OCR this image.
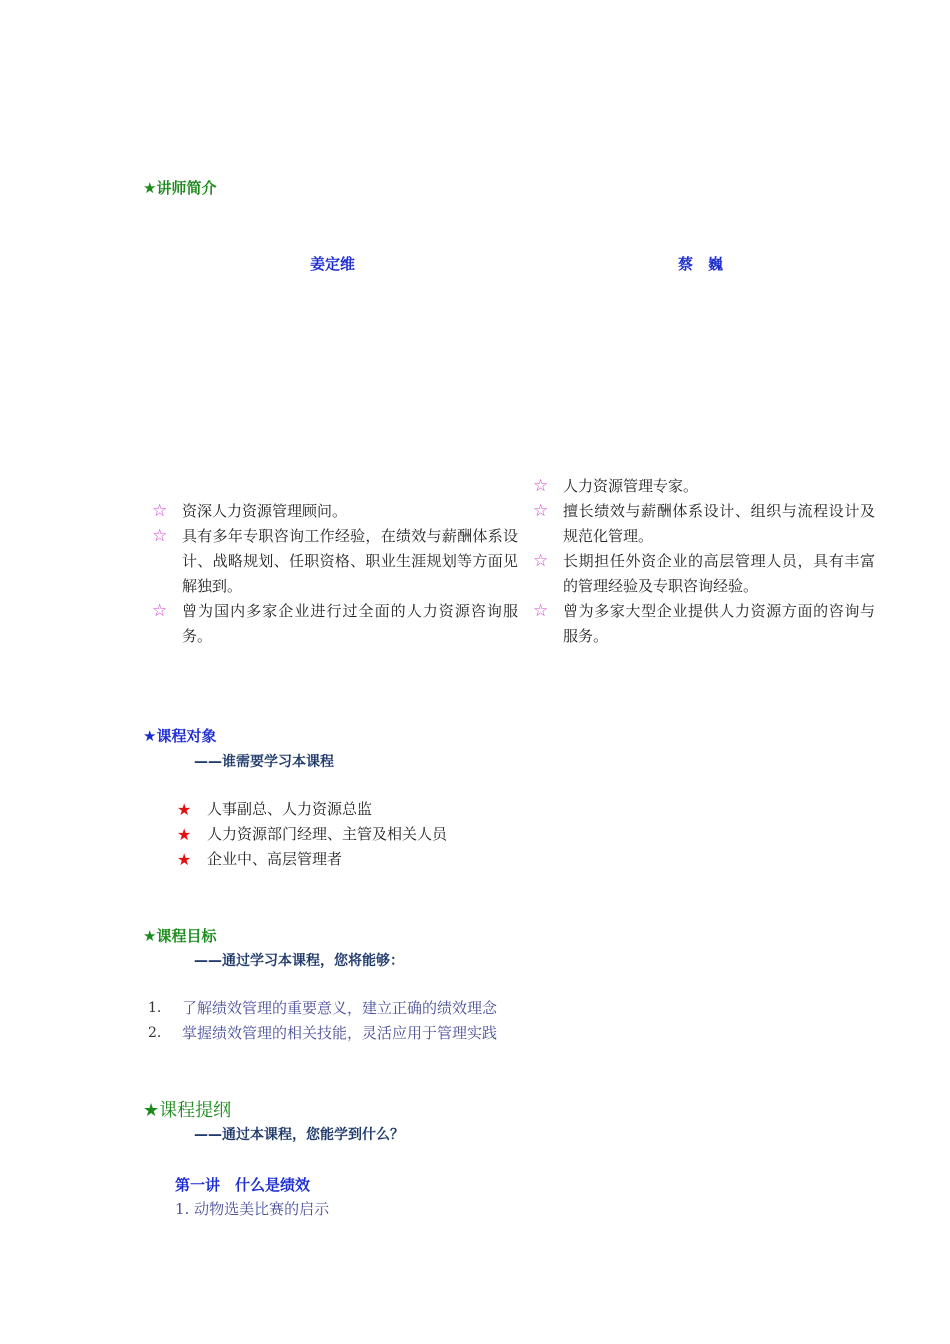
★讲师简介
姜定维	蔡　巍
☆ 资深人力资源管理顾问。
☆ 具有多年专职咨询工作经验，在绩效与薪酬体系设计、战略规划、任职资格、职业生涯规划等方面见解独到。
☆ 曾为国内多家企业进行过全面的人力资源咨询服务。
☆ 人力资源管理专家。
☆ 擅长绩效与薪酬体系设计、组织与流程设计及规范化管理。
☆ 长期担任外资企业的高层管理人员，具有丰富的管理经验及专职咨询经验。
☆ 曾为多家大型企业提供人力资源方面的咨询与服务。
★课程对象
——谁需要学习本课程
★ 人事副总、人力资源总监
★ 人力资源部门经理、主管及相关人员
★ 企业中、高层管理者
★课程目标
——通过学习本课程，您将能够：
1. 了解绩效管理的重要意义，建立正确的绩效理念
2. 掌握绩效管理的相关技能，灵活应用于管理实践
★课程提纲
——通过本课程，您能学到什么？
第一讲　什么是绩效
1. 动物选美比赛的启示
